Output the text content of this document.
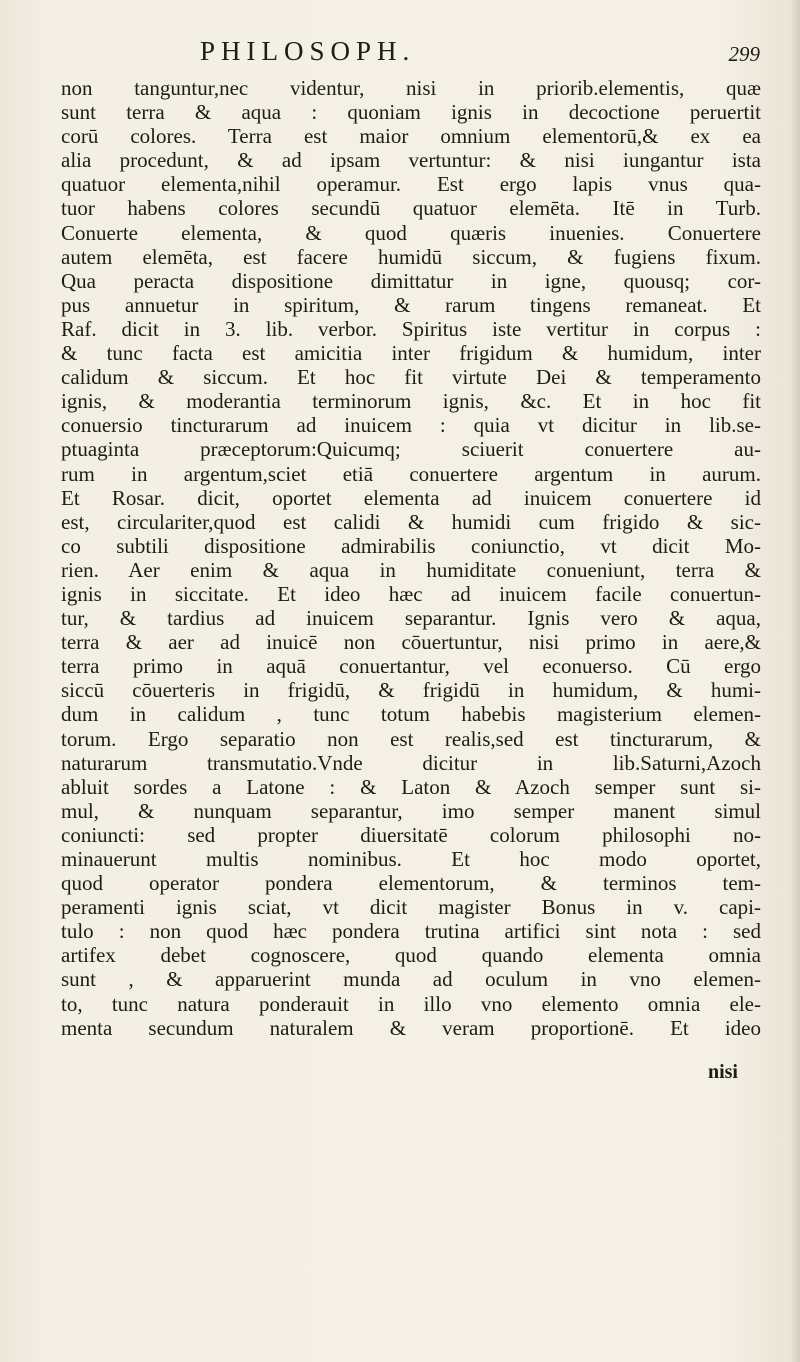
PHILOSOPH.	299
non tanguntur,nec videntur, nisi in priorib.elementis, quæ
sunt terra & aqua : quoniam ignis in decoctione peruertit
corū colores. Terra est maior omnium elementorū,& ex ea
alia procedunt, & ad ipsam vertuntur: & nisi iungantur ista
quatuor elementa,nihil operamur. Est ergo lapis vnus qua-
tuor habens colores secundū quatuor elemēta. Itē in Turb.
Conuerte elementa, & quod quæris inuenies. Conuertere
autem elemēta, est facere humidū siccum, & fugiens fixum.
Qua peracta dispositione dimittatur in igne, quousq; cor-
pus annuetur in spiritum, & rarum tingens remaneat. Et
Raf. dicit in 3. lib. verbor. Spiritus iste vertitur in corpus :
& tunc facta est amicitia inter frigidum & humidum, inter
calidum & siccum. Et hoc fit virtute Dei & temperamento
ignis, & moderantia terminorum ignis, &c. Et in hoc fit
conuersio tincturarum ad inuicem : quia vt dicitur in lib.se-
ptuaginta præceptorum:Quicumq; sciuerit conuertere au-
rum in argentum,sciet etiā conuertere argentum in aurum.
Et Rosar. dicit, oportet elementa ad inuicem conuertere id
est, circulariter,quod est calidi & humidi cum frigido & sic-
co subtili dispositione admirabilis coniunctio, vt dicit Mo-
rien. Aer enim & aqua in humiditate conueniunt, terra &
ignis in siccitate. Et ideo hæc ad inuicem facile conuertun-
tur, & tardius ad inuicem separantur. Ignis vero & aqua,
terra & aer ad inuicē non cōuertuntur, nisi primo in aere,&
terra primo in aquā conuertantur, vel econuerso. Cū ergo
siccū cōuerteris in frigidū, & frigidū in humidum, & humi-
dum in calidum , tunc totum habebis magisterium elemen-
torum. Ergo separatio non est realis,sed est tincturarum, &
naturarum transmutatio.Vnde dicitur in lib.Saturni,Azoch
abluit sordes a Latone : & Laton & Azoch semper sunt si-
mul, & nunquam separantur, imo semper manent simul
coniuncti: sed propter diuersitatē colorum philosophi no-
minauerunt multis nominibus. Et hoc modo oportet,
quod operator pondera elementorum, & terminos tem-
peramenti ignis sciat, vt dicit magister Bonus in v. capi-
tulo : non quod hæc pondera trutina artifici sint nota : sed
artifex debet cognoscere, quod quando elementa omnia
sunt , & apparuerint munda ad oculum in vno elemen-
to, tunc natura ponderauit in illo vno elemento omnia ele-
menta secundum naturalem & veram proportionē. Et ideo
nisi
